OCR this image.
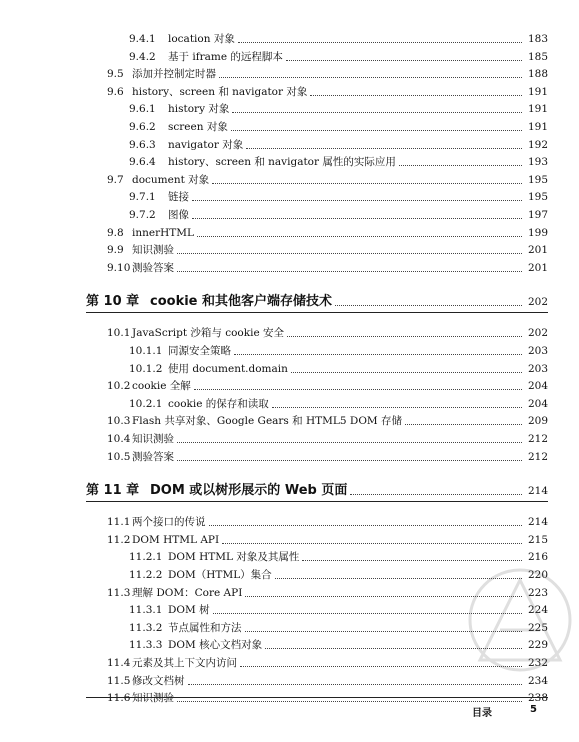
9.4.1	location 对象	183
9.4.2	基于 iframe 的远程脚本	185
9.5 添加并控制定时器	188
9.6 history、screen 和 navigator 对象	191
9.6.1	history 对象	191
9.6.2	screen 对象	191
9.6.3	navigator 对象	192
9.6.4	history、screen 和 navigator 属性的实际应用	193
9.7 document 对象	195
9.7.1	链接	195
9.7.2	图像	197
9.8 innerHTML	199
9.9 知识测验	201
9.10 测验答案	201
第 10 章 cookie 和其他客户端存储技术	202
10.1 JavaScript 沙箱与 cookie 安全	202
10.1.1 同源安全策略	203
10.1.2 使用 document.domain	203
10.2 cookie 全解	204
10.2.1 cookie 的保存和读取	204
10.3 Flash 共享对象、Google Gears 和 HTML5 DOM 存储	209
10.4 知识测验	212
10.5 测验答案	212
第 11 章 DOM 或以树形展示的 Web 页面	214
11.1 两个接口的传说	214
11.2 DOM HTML API	215
11.2.1 DOM HTML 对象及其属性	216
11.2.2 DOM（HTML）集合	220
11.3 理解 DOM：Core API	223
11.3.1 DOM 树	224
11.3.2 节点属性和方法	225
11.3.3 DOM 核心文档对象	229
11.4 元素及其上下文内访问	232
11.5 修改文档树	234
11.6 知识测验	238
目录	5
